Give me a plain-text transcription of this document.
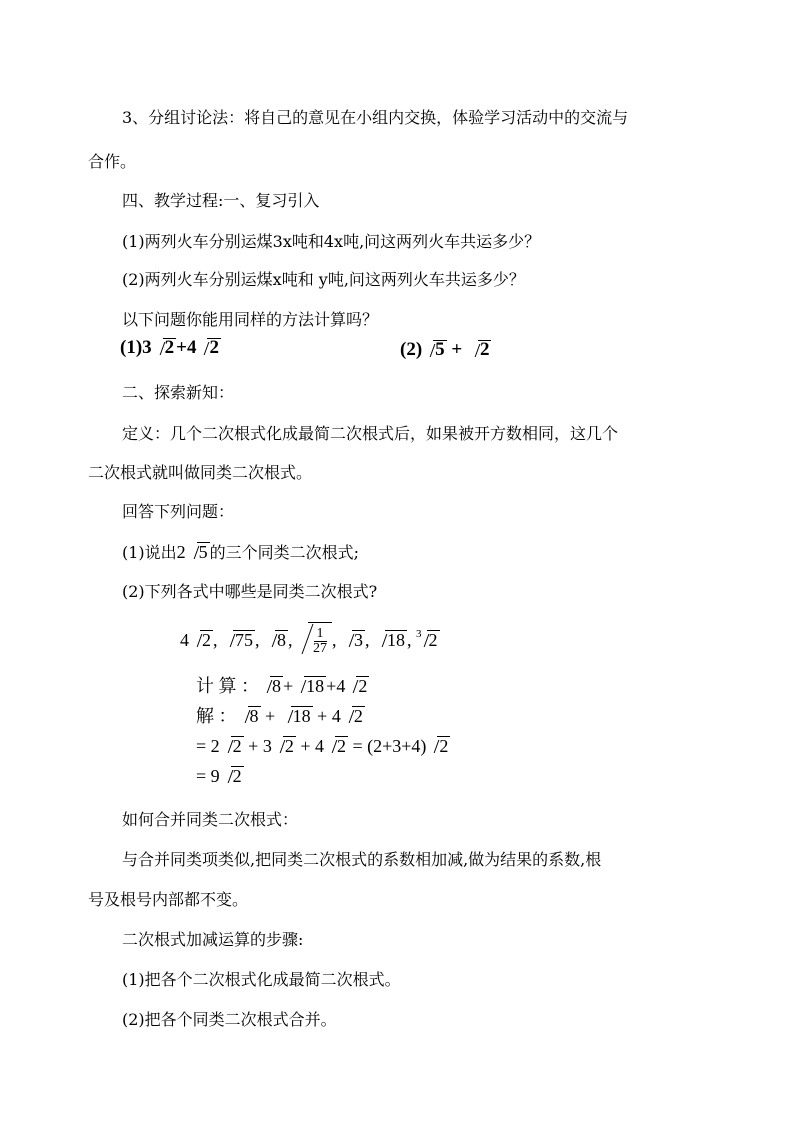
3、分组讨论法：将自己的意见在小组内交换，体验学习活动中的交流与
合作。
四、教学过程:一、复习引入
(1)两列火车分别运煤3x吨和4x吨,问这两列火车共运多少？
(2)两列火车分别运煤x吨和 y吨,问这两列火车共运多少？
以下问题你能用同样的方法计算吗？
(1)3 2 +4 2	(2) 5 + 2
二、探索新知：
定义：几个二次根式化成最简二次根式后，如果被开方数相同，这几个
二次根式就叫做同类二次根式。
回答下列问题：
(1)说出2 5 的三个同类二次根式;
(2)下列各式中哪些是同类二次根式?
4 2 , 75 , 8 , $\frac{1}{27}$ , 3 , 18 , $^3$ 2
计 算 ： 8 + 18 +4 2
解 ： 8 + 18 + 4 2
= 2 2 + 3 2 + 4 2 = (2+3+4) 2
= 9 2
如何合并同类二次根式：
与合并同类项类似,把同类二次根式的系数相加减,做为结果的系数,根
号及根号内部都不变。
二次根式加减运算的步骤:
(1)把各个二次根式化成最简二次根式。
(2)把各个同类二次根式合并。
